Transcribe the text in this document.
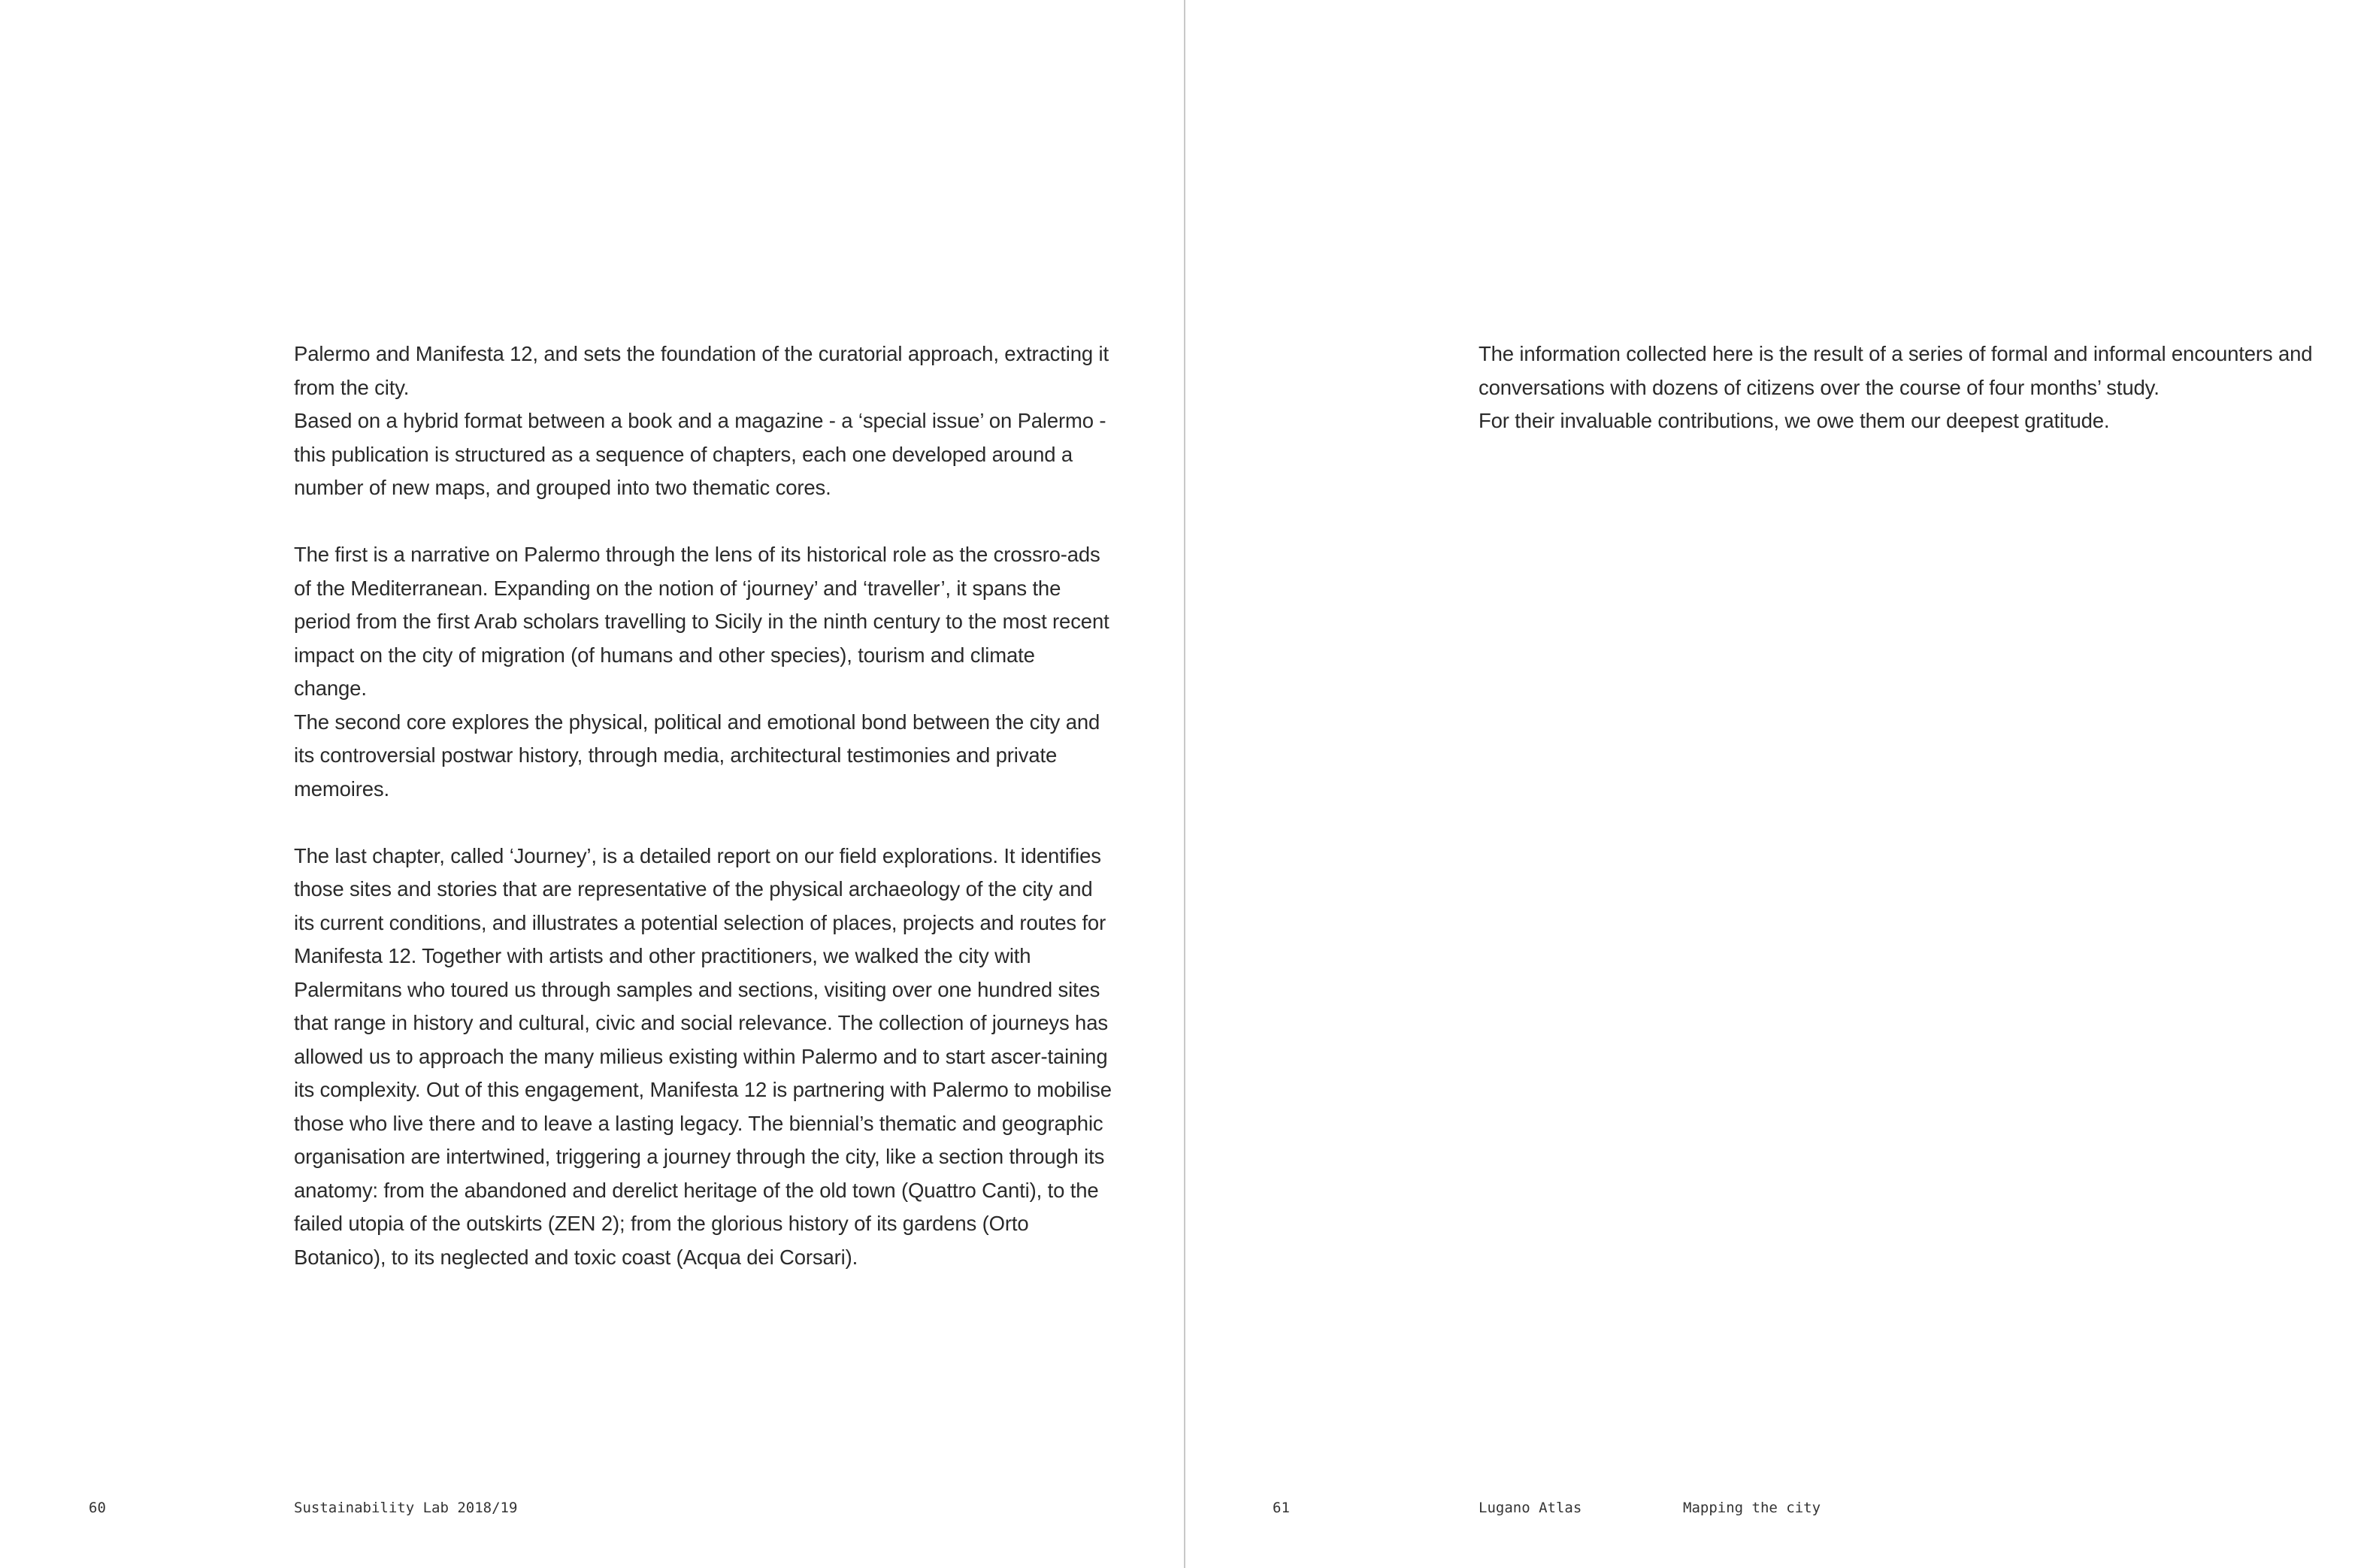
Palermo and Manifesta 12, and sets the foundation of the curatorial approach, extracting it from the city.

Based on a hybrid format between a book and a magazine - a ‘special issue’ on Palermo - this publication is structured as a sequence of chapters, each one developed around a number of new maps, and grouped into two thematic cores.

The first is a narrative on Palermo through the lens of its historical role as the crossro-ads of the Mediterranean. Expanding on the notion of ‘journey’ and ‘traveller’, it spans the period from the first Arab scholars travelling to Sicily in the ninth century to the most recent impact on the city of migration (of humans and other species), tourism and climate change.

The second core explores the physical, political and emotional bond between the city and its controversial postwar history, through media, architectural testimonies and private memoires.

The last chapter, called ‘Journey’, is a detailed report on our field explorations. It identifies those sites and stories that are representative of the physical archaeology of the city and its current conditions, and illustrates a potential selection of places, projects and routes for Manifesta 12. Together with artists and other practitioners, we walked the city with Palermitans who toured us through samples and sections, visiting over one hundred sites that range in history and cultural, civic and social relevance. The collection of journeys has allowed us to approach the many milieus existing within Palermo and to start ascer-taining its complexity. Out of this engagement, Manifesta 12 is partnering with Palermo to mobilise those who live there and to leave a lasting legacy. The biennial’s thematic and geographic organisation are intertwined, triggering a journey through the city, like a section through its anatomy: from the abandoned and derelict heritage of the old town (Quattro Canti), to the failed utopia of the outskirts (ZEN 2); from the glorious history of its gardens (Orto Botanico), to its neglected and toxic coast (Acqua dei Corsari).

60	Sustainability Lab 2018/19

The information collected here is the result of a series of formal and informal encounters and conversations with dozens of citizens over the course of four months’ study.

For their invaluable contributions, we owe them our deepest gratitude.

61	Lugano Atlas	Mapping the city
